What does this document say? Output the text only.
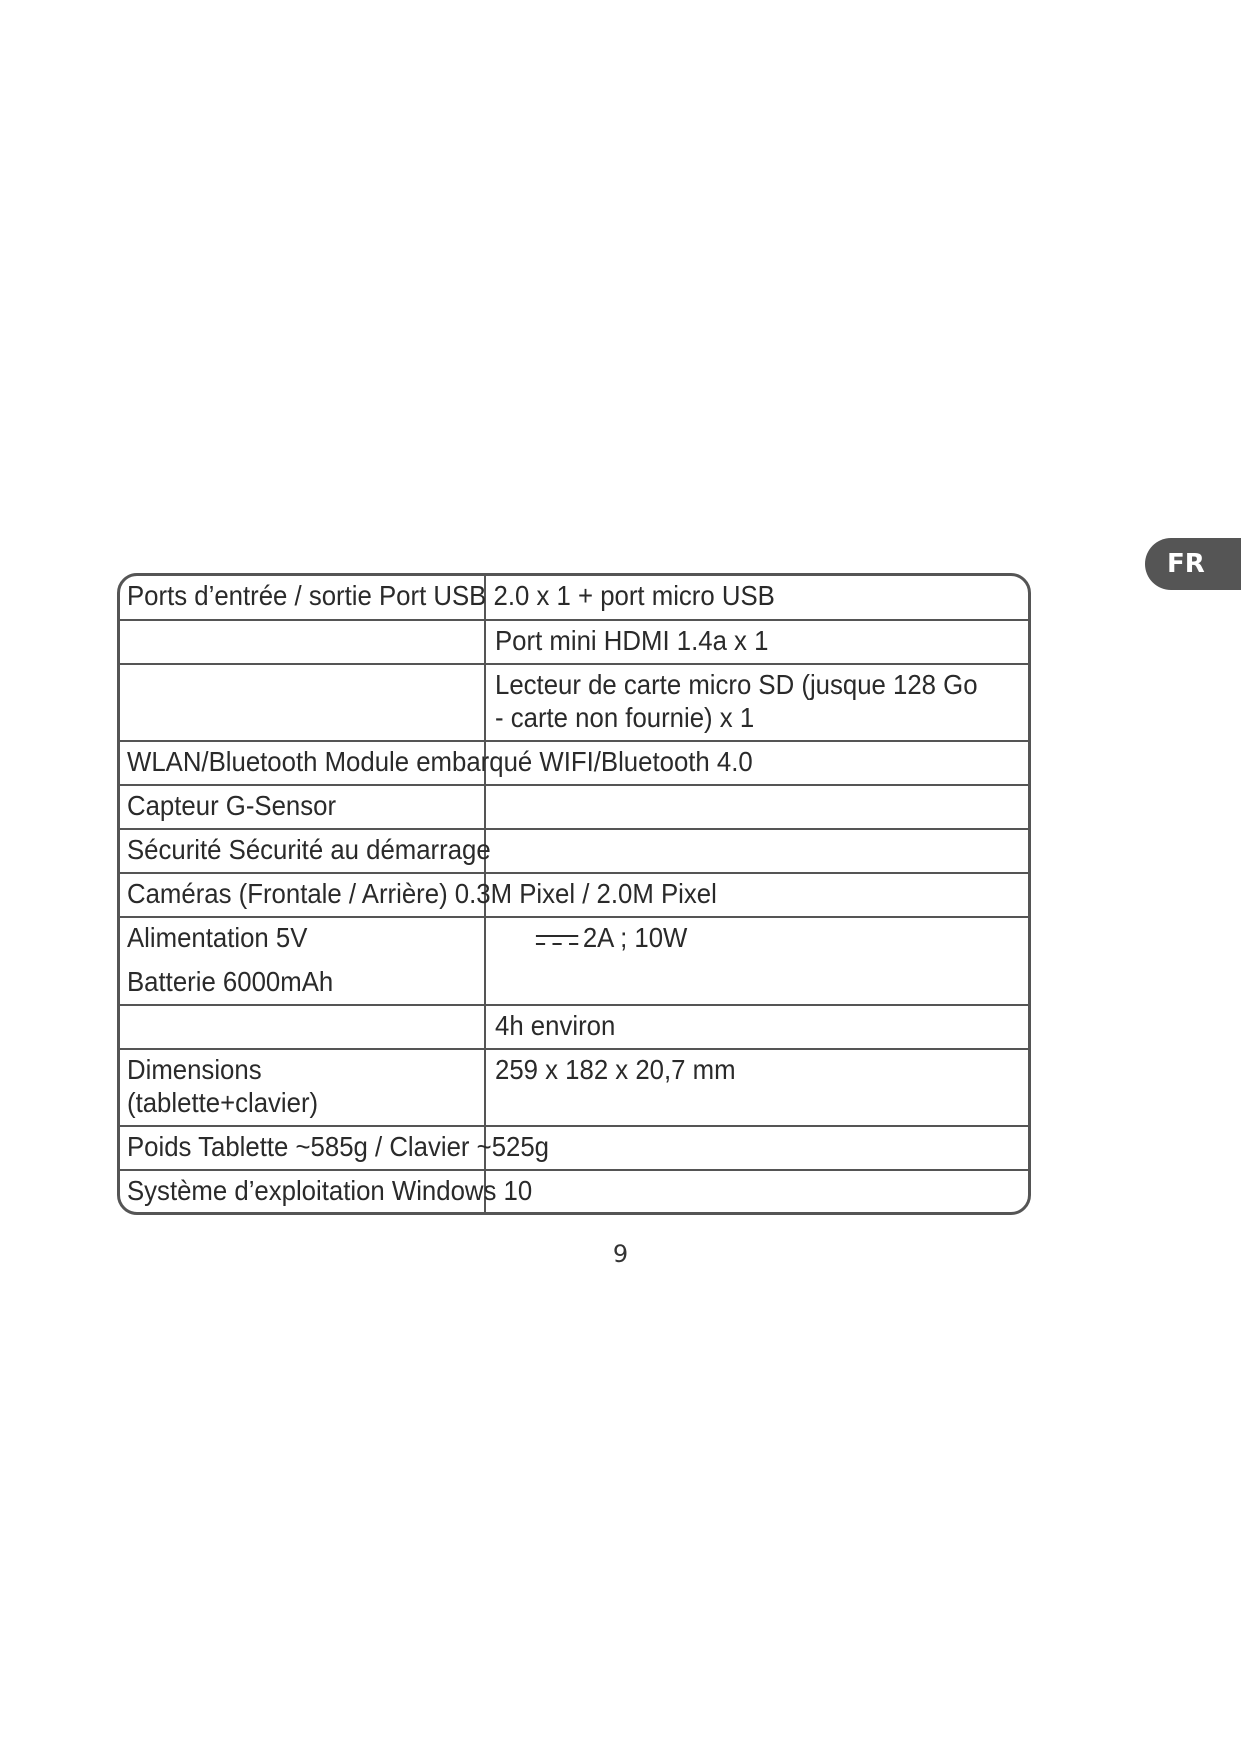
FR
Ports d’entrée / sortie Port USB 2.0 x 1 + port micro USB
Port mini HDMI 1.4a x 1
Lecteur de carte micro SD (jusque 128 Go
- carte non fournie) x 1
WLAN/Bluetooth Module embarqué WIFI/Bluetooth 4.0
Capteur G-Sensor
Sécurité Sécurité au démarrage
Caméras (Frontale / Arrière) 0.3M Pixel / 2.0M Pixel
Alimentation 5V	2A ; 10W
Batterie 6000mAh
4h environ
Dimensions
(tablette+clavier)
259 x 182 x 20,7 mm
Poids Tablette ~585g / Clavier ~525g
Système d’exploitation Windows 10
9
